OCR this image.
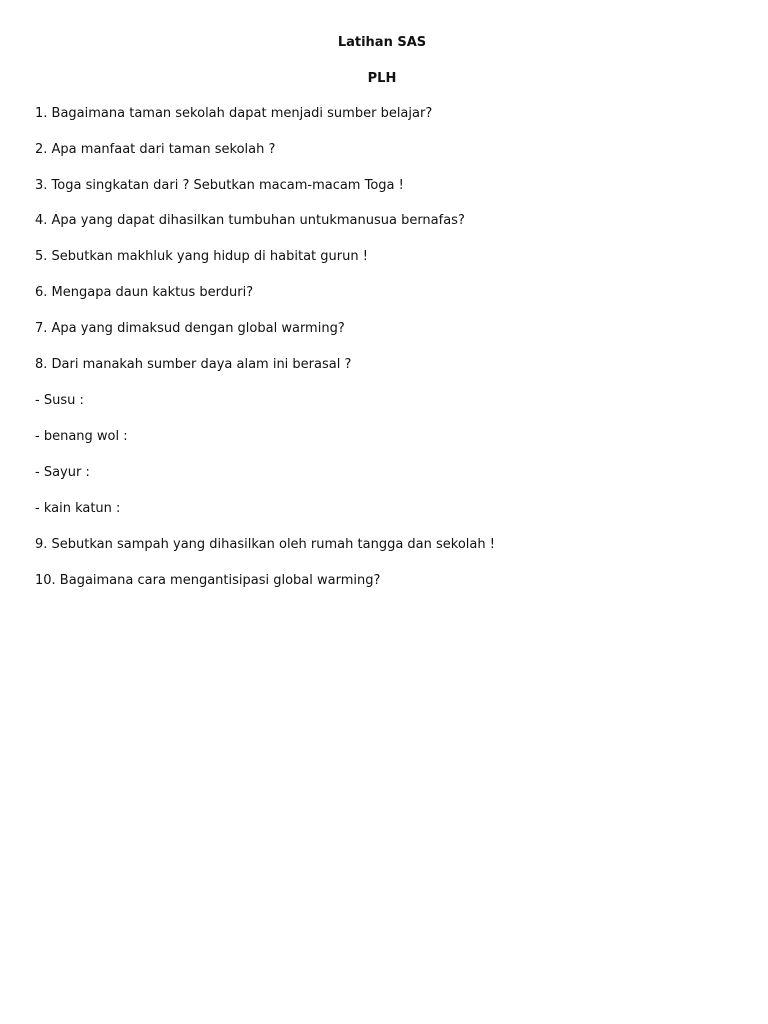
Latihan SAS
PLH
1. Bagaimana taman sekolah dapat menjadi sumber belajar?
2. Apa manfaat dari taman sekolah ?
3. Toga singkatan dari ? Sebutkan macam-macam Toga !
4. Apa yang dapat dihasilkan tumbuhan untukmanusua bernafas?
5. Sebutkan makhluk yang hidup di habitat gurun !
6. Mengapa daun kaktus berduri?
7. Apa yang dimaksud dengan global warming?
8. Dari manakah sumber daya alam ini berasal ?
- Susu :
- benang wol :
- Sayur :
- kain katun :
9. Sebutkan sampah yang dihasilkan oleh rumah tangga dan sekolah !
10. Bagaimana cara mengantisipasi global warming?
